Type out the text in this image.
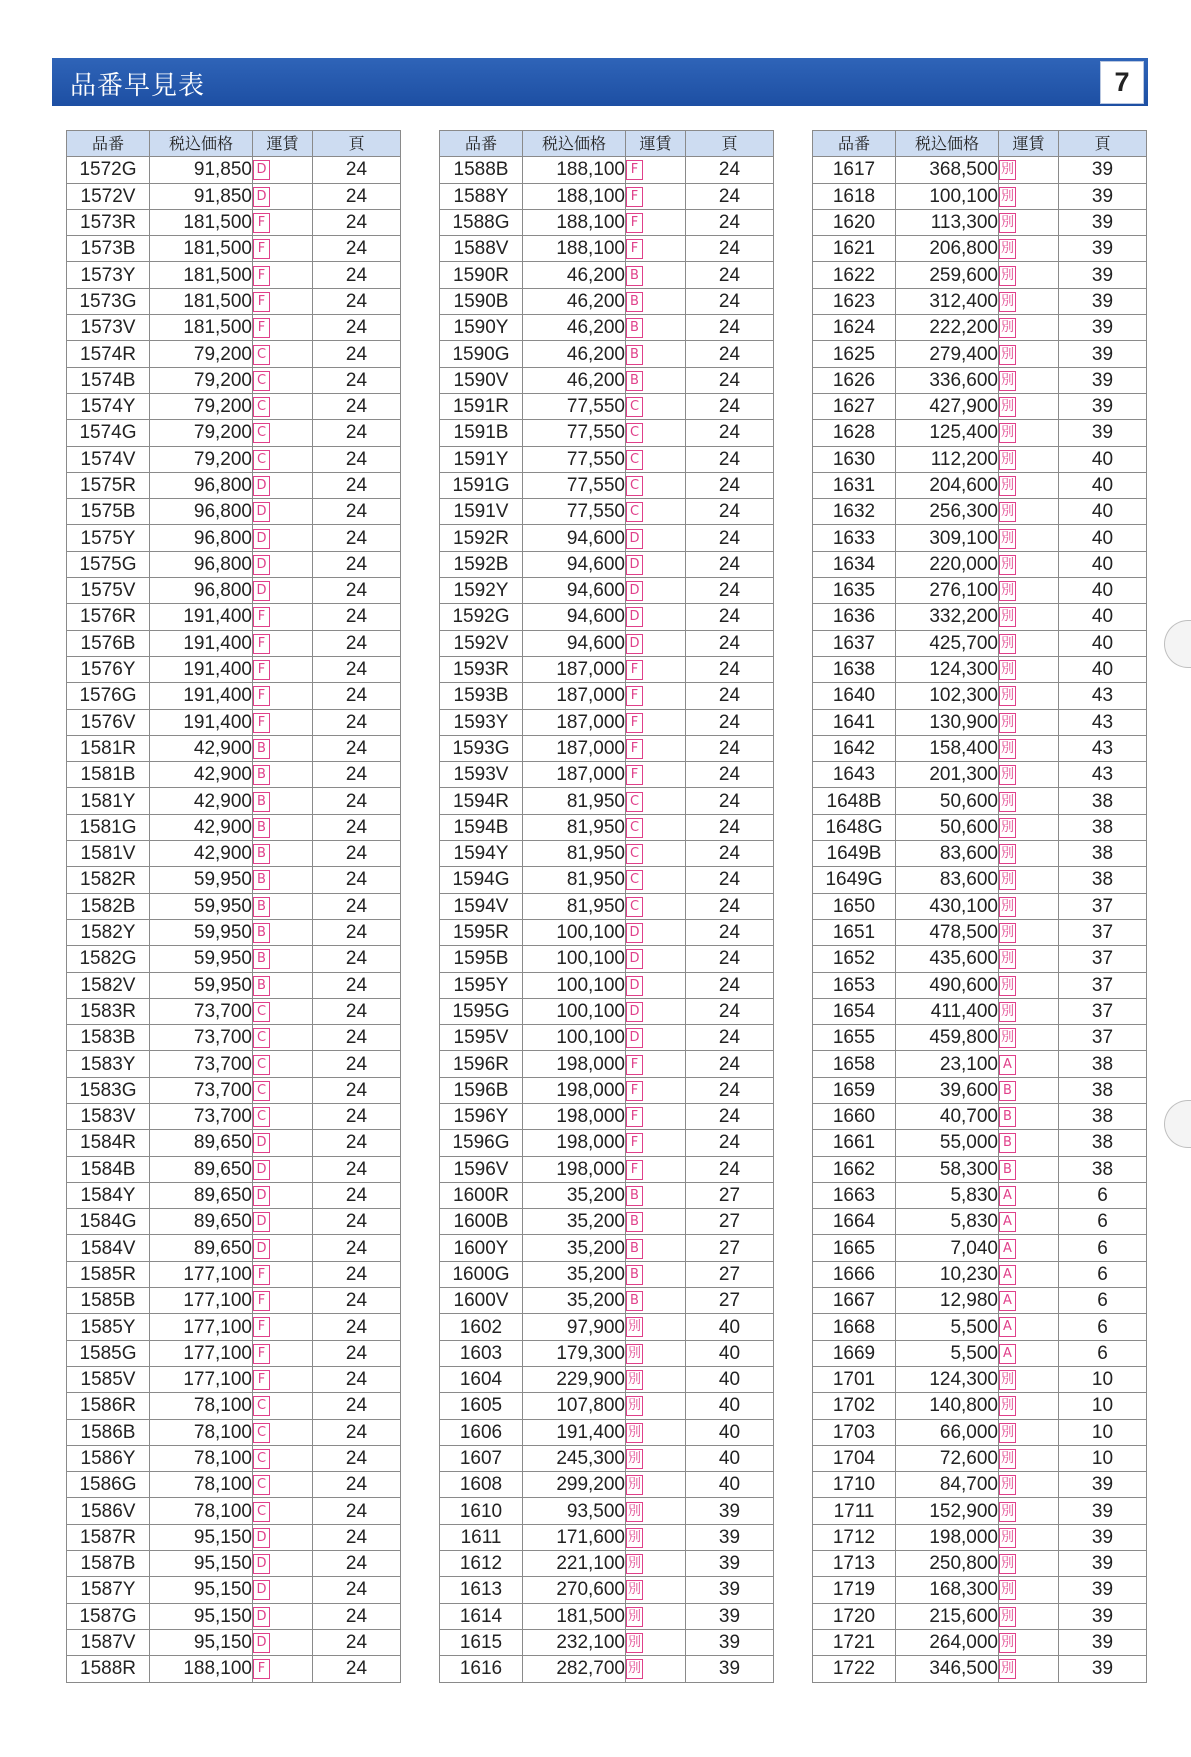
品番早見表	7
品番	税込価格	運賃	頁
1572G	91,850	D	24
1572V	91,850	D	24
1573R	181,500	F	24
1573B	181,500	F	24
1573Y	181,500	F	24
1573G	181,500	F	24
1573V	181,500	F	24
1574R	79,200	C	24
1574B	79,200	C	24
1574Y	79,200	C	24
1574G	79,200	C	24
1574V	79,200	C	24
1575R	96,800	D	24
1575B	96,800	D	24
1575Y	96,800	D	24
1575G	96,800	D	24
1575V	96,800	D	24
1576R	191,400	F	24
1576B	191,400	F	24
1576Y	191,400	F	24
1576G	191,400	F	24
1576V	191,400	F	24
1581R	42,900	B	24
1581B	42,900	B	24
1581Y	42,900	B	24
1581G	42,900	B	24
1581V	42,900	B	24
1582R	59,950	B	24
1582B	59,950	B	24
1582Y	59,950	B	24
1582G	59,950	B	24
1582V	59,950	B	24
1583R	73,700	C	24
1583B	73,700	C	24
1583Y	73,700	C	24
1583G	73,700	C	24
1583V	73,700	C	24
1584R	89,650	D	24
1584B	89,650	D	24
1584Y	89,650	D	24
1584G	89,650	D	24
1584V	89,650	D	24
1585R	177,100	F	24
1585B	177,100	F	24
1585Y	177,100	F	24
1585G	177,100	F	24
1585V	177,100	F	24
1586R	78,100	C	24
1586B	78,100	C	24
1586Y	78,100	C	24
1586G	78,100	C	24
1586V	78,100	C	24
1587R	95,150	D	24
1587B	95,150	D	24
1587Y	95,150	D	24
1587G	95,150	D	24
1587V	95,150	D	24
1588R	188,100	F	24
品番	税込価格	運賃	頁
1588B	188,100	F	24
1588Y	188,100	F	24
1588G	188,100	F	24
1588V	188,100	F	24
1590R	46,200	B	24
1590B	46,200	B	24
1590Y	46,200	B	24
1590G	46,200	B	24
1590V	46,200	B	24
1591R	77,550	C	24
1591B	77,550	C	24
1591Y	77,550	C	24
1591G	77,550	C	24
1591V	77,550	C	24
1592R	94,600	D	24
1592B	94,600	D	24
1592Y	94,600	D	24
1592G	94,600	D	24
1592V	94,600	D	24
1593R	187,000	F	24
1593B	187,000	F	24
1593Y	187,000	F	24
1593G	187,000	F	24
1593V	187,000	F	24
1594R	81,950	C	24
1594B	81,950	C	24
1594Y	81,950	C	24
1594G	81,950	C	24
1594V	81,950	C	24
1595R	100,100	D	24
1595B	100,100	D	24
1595Y	100,100	D	24
1595G	100,100	D	24
1595V	100,100	D	24
1596R	198,000	F	24
1596B	198,000	F	24
1596Y	198,000	F	24
1596G	198,000	F	24
1596V	198,000	F	24
1600R	35,200	B	27
1600B	35,200	B	27
1600Y	35,200	B	27
1600G	35,200	B	27
1600V	35,200	B	27
1602	97,900	別	40
1603	179,300	別	40
1604	229,900	別	40
1605	107,800	別	40
1606	191,400	別	40
1607	245,300	別	40
1608	299,200	別	40
1610	93,500	別	39
1611	171,600	別	39
1612	221,100	別	39
1613	270,600	別	39
1614	181,500	別	39
1615	232,100	別	39
1616	282,700	別	39
品番	税込価格	運賃	頁
1617	368,500	別	39
1618	100,100	別	39
1620	113,300	別	39
1621	206,800	別	39
1622	259,600	別	39
1623	312,400	別	39
1624	222,200	別	39
1625	279,400	別	39
1626	336,600	別	39
1627	427,900	別	39
1628	125,400	別	39
1630	112,200	別	40
1631	204,600	別	40
1632	256,300	別	40
1633	309,100	別	40
1634	220,000	別	40
1635	276,100	別	40
1636	332,200	別	40
1637	425,700	別	40
1638	124,300	別	40
1640	102,300	別	43
1641	130,900	別	43
1642	158,400	別	43
1643	201,300	別	43
1648B	50,600	別	38
1648G	50,600	別	38
1649B	83,600	別	38
1649G	83,600	別	38
1650	430,100	別	37
1651	478,500	別	37
1652	435,600	別	37
1653	490,600	別	37
1654	411,400	別	37
1655	459,800	別	37
1658	23,100	A	38
1659	39,600	B	38
1660	40,700	B	38
1661	55,000	B	38
1662	58,300	B	38
1663	5,830	A	6
1664	5,830	A	6
1665	7,040	A	6
1666	10,230	A	6
1667	12,980	A	6
1668	5,500	A	6
1669	5,500	A	6
1701	124,300	別	10
1702	140,800	別	10
1703	66,000	別	10
1704	72,600	別	10
1710	84,700	別	39
1711	152,900	別	39
1712	198,000	別	39
1713	250,800	別	39
1719	168,300	別	39
1720	215,600	別	39
1721	264,000	別	39
1722	346,500	別	39
